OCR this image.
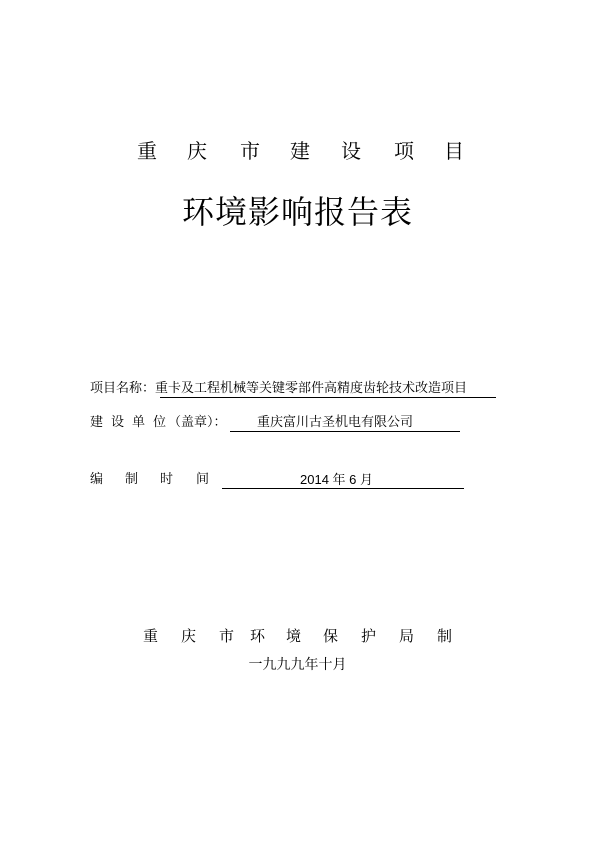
重 庆 市 建 设 项 目
环境影响报告表
项目名称：重卡及工程机械等关键零部件高精度齿轮技术改造项目
建 设 单 位 （盖章）： 重庆富川古圣机电有限公司
编 制 时 间	2014 年 6 月
重 庆 市 环 境 保 护 局 制
一九九九年十月
